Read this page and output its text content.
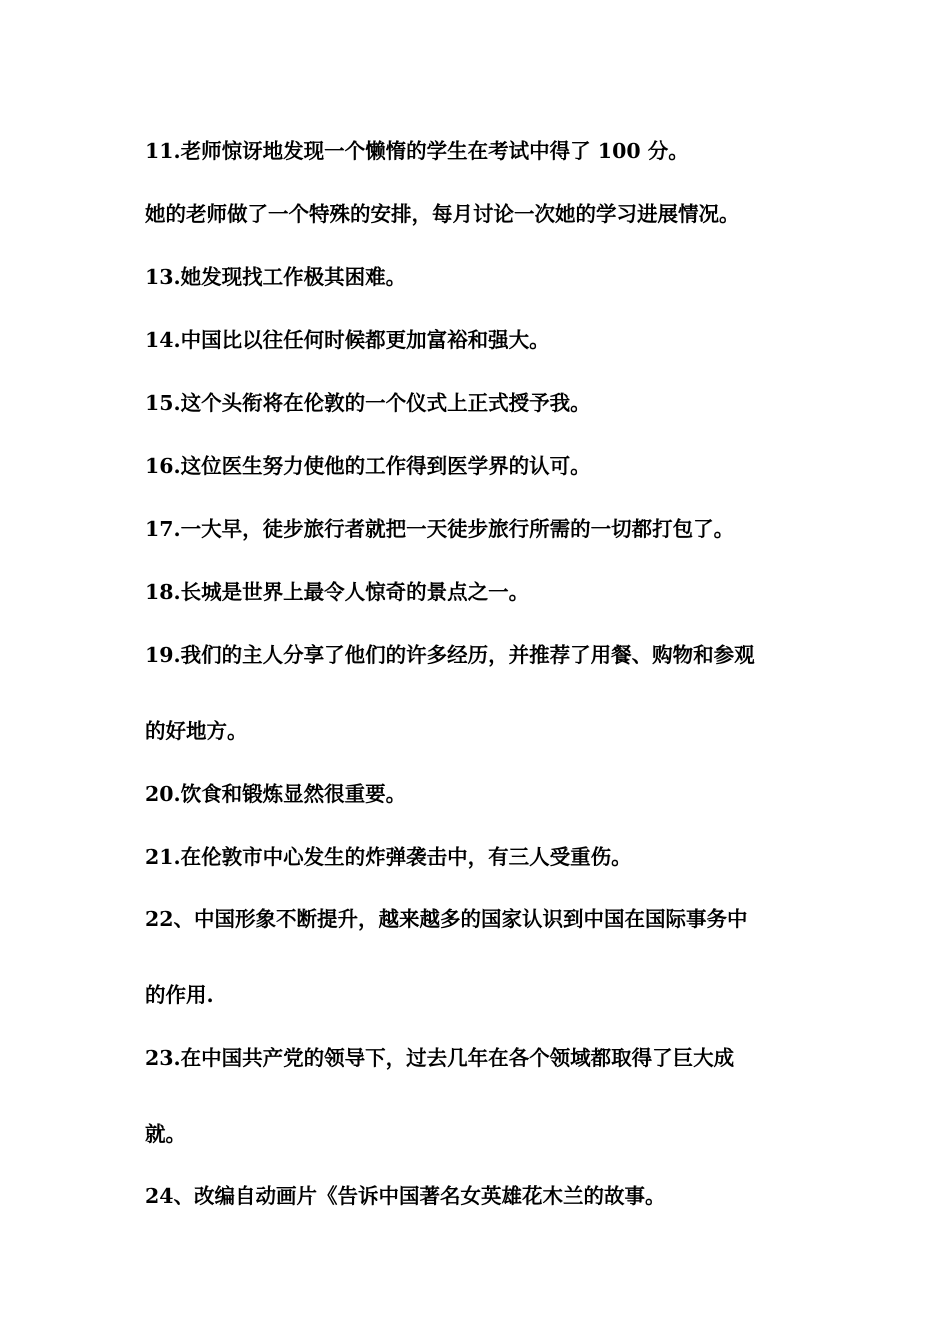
11.老师惊讶地发现一个懒惰的学生在考试中得了 100 分。
她的老师做了一个特殊的安排，每月讨论一次她的学习进展情况。
13.她发现找工作极其困难。
14.中国比以往任何时候都更加富裕和强大。
15.这个头衔将在伦敦的一个仪式上正式授予我。
16.这位医生努力使他的工作得到医学界的认可。
17.一大早，徒步旅行者就把一天徒步旅行所需的一切都打包了。
18.长城是世界上最令人惊奇的景点之一。
19.我们的主人分享了他们的许多经历，并推荐了用餐、购物和参观
的好地方。
20.饮食和锻炼显然很重要。
21.在伦敦市中心发生的炸弹袭击中，有三人受重伤。
22、中国形象不断提升，越来越多的国家认识到中国在国际事务中
的作用.
23.在中国共产党的领导下，过去几年在各个领域都取得了巨大成
就。
24、改编自动画片《告诉中国著名女英雄花木兰的故事。
